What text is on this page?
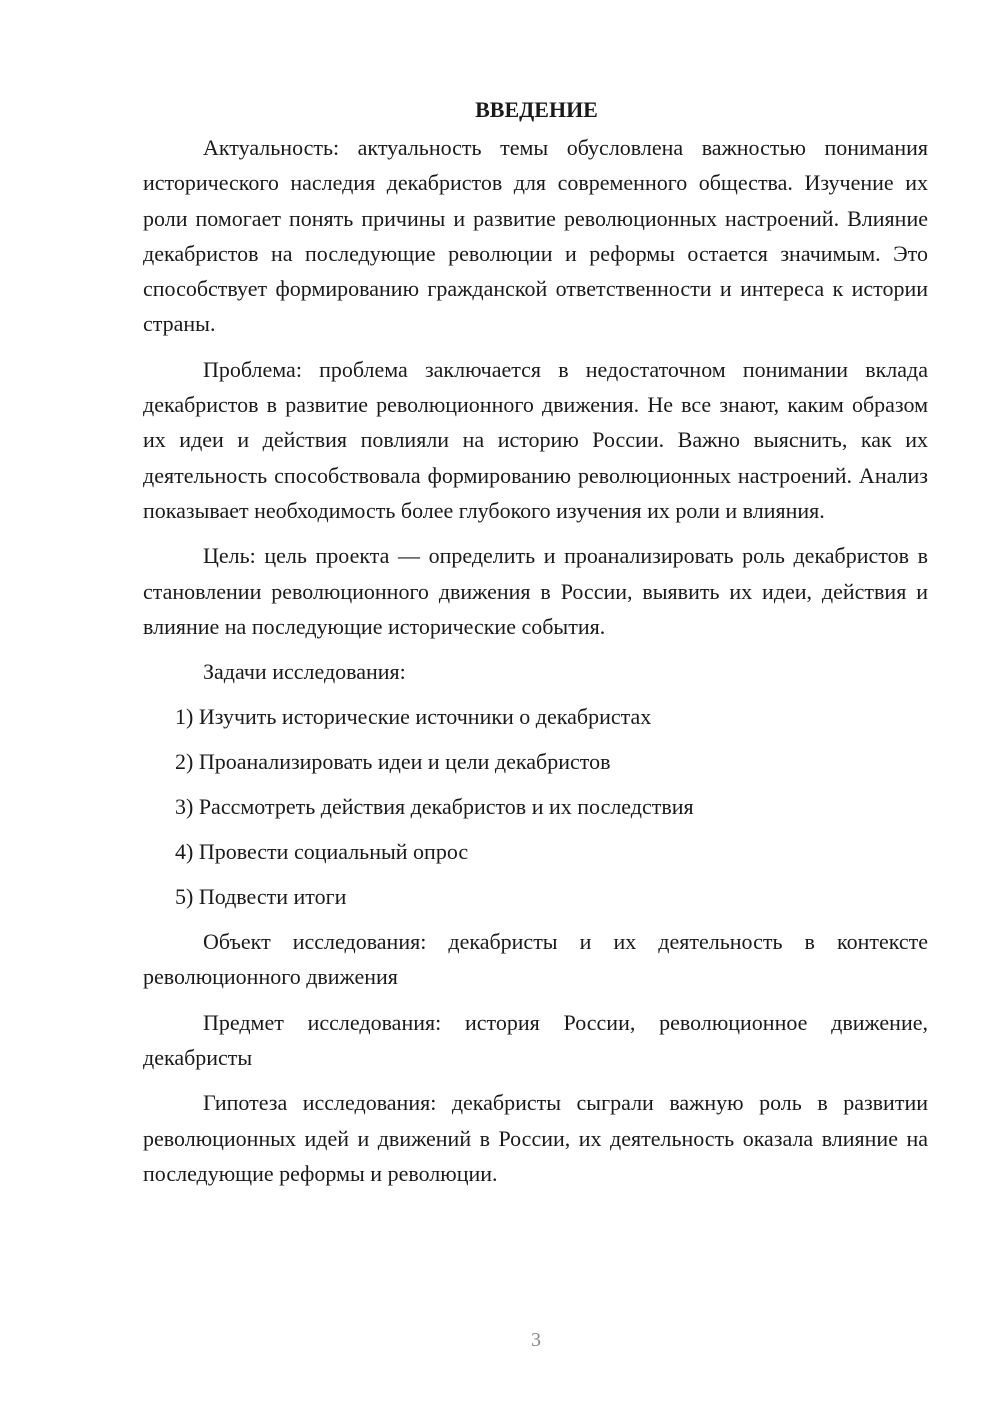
ВВЕДЕНИЕ

Актуальность: актуальность темы обусловлена важностью понимания исторического наследия декабристов для современного общества. Изучение их роли помогает понять причины и развитие революционных настроений. Влияние декабристов на последующие революции и реформы остается значимым. Это способствует формированию гражданской ответственности и интереса к истории страны.

Проблема: проблема заключается в недостаточном понимании вклада декабристов в развитие революционного движения. Не все знают, каким образом их идеи и действия повлияли на историю России. Важно выяснить, как их деятельность способствовала формированию революционных настроений. Анализ показывает необходимость более глубокого изучения их роли и влияния.

Цель: цель проекта — определить и проанализировать роль декабристов в становлении революционного движения в России, выявить их идеи, действия и влияние на последующие исторические события.

Задачи исследования:

1) Изучить исторические источники о декабристах
2) Проанализировать идеи и цели декабристов
3) Рассмотреть действия декабристов и их последствия
4) Провести социальный опрос
5) Подвести итоги

Объект исследования: декабристы и их деятельность в контексте революционного движения

Предмет исследования: история России, революционное движение, декабристы

Гипотеза исследования: декабристы сыграли важную роль в развитии революционных идей и движений в России, их деятельность оказала влияние на последующие реформы и революции.

3
